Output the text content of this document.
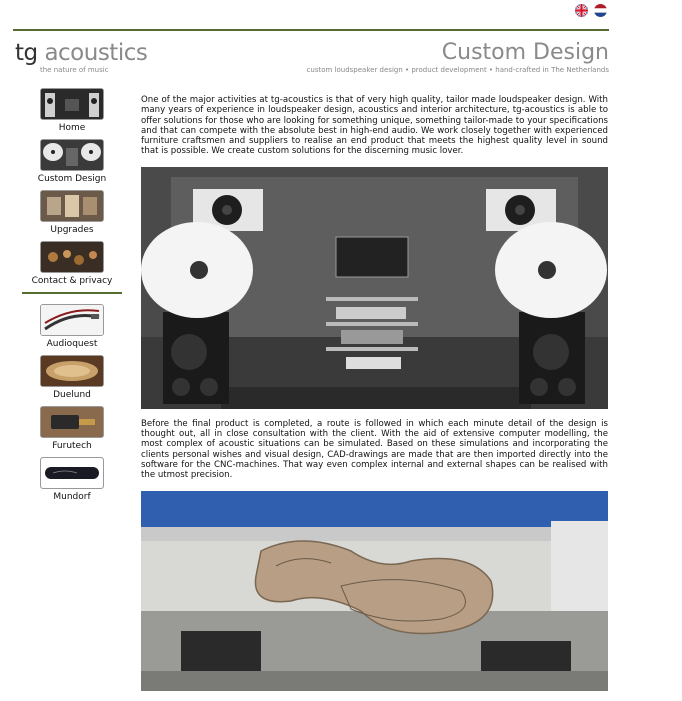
tg acoustics
the nature of music
Custom Design
custom loudspeaker design • product development • hand-crafted in The Netherlands
Home
Custom Design
Upgrades
Contact & privacy
Audioquest
Duelund
Furutech
Mundorf

One of the major activities at tg-acoustics is that of very high quality, tailor made loudspeaker design. With many years of experience in loudspeaker design, acoustics and interior architecture, tg-acoustics is able to offer solutions for those who are looking for something unique, something tailor-made to your specifications and that can compete with the absolute best in high-end audio. We work closely together with experienced furniture craftsmen and suppliers to realise an end product that meets the highest quality level in sound that is possible. We create custom solutions for the discerning music lover.

Before the final product is completed, a route is followed in which each minute detail of the design is thought out, all in close consultation with the client. With the aid of extensive computer modelling, the most complex of acoustic situations can be simulated. Based on these simulations and incorporating the clients personal wishes and visual design, CAD-drawings are made that are then imported directly into the software for the CNC-machines. That way even complex internal and external shapes can be realised with the utmost precision.
